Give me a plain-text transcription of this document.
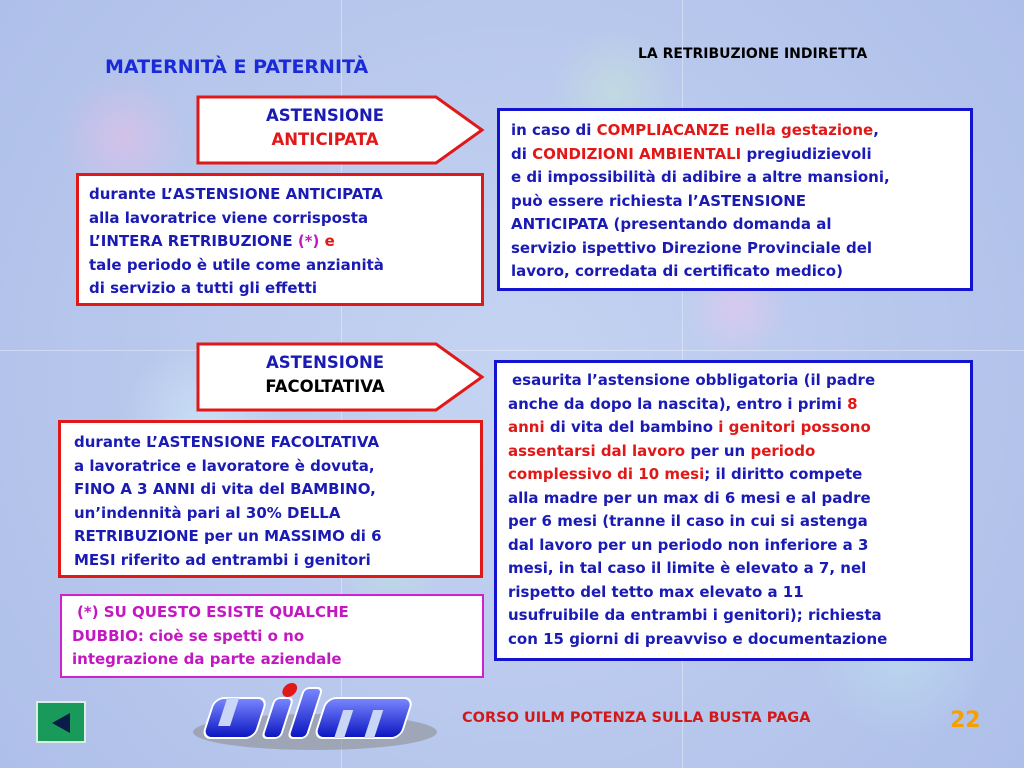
LA RETRIBUZIONE INDIRETTA
MATERNITÀ E PATERNITÀ
ASTENSIONE
ANTICIPATA
durante L’ASTENSIONE ANTICIPATA
alla lavoratrice viene corrisposta
L’INTERA RETRIBUZIONE (*) e
tale periodo è utile come anzianità
di servizio a tutti gli effetti
in caso di COMPLIACANZE nella gestazione,
di CONDIZIONI AMBIENTALI pregiudizievoli
e di impossibilità di adibire a altre mansioni,
può essere richiesta l’ASTENSIONE
ANTICIPATA (presentando domanda al
servizio ispettivo Direzione Provinciale del
lavoro, corredata di certificato medico)
ASTENSIONE
FACOLTATIVA
durante L’ASTENSIONE FACOLTATIVA
a lavoratrice e lavoratore è dovuta,
FINO A 3 ANNI di vita del BAMBINO,
un’indennità pari al 30% DELLA
RETRIBUZIONE per un MASSIMO di 6
MESI riferito ad entrambi i genitori
esaurita l’astensione obbligatoria (il padre
anche da dopo la nascita), entro i primi 8
anni di vita del bambino i genitori possono
assentarsi dal lavoro per un periodo
complessivo di 10 mesi; il diritto compete
alla madre per un max di 6 mesi e al padre
per 6 mesi (tranne il caso in cui si astenga
dal lavoro per un periodo non inferiore a 3
mesi, in tal caso il limite è elevato a 7, nel
rispetto del tetto max elevato a 11
usufruibile da entrambi i genitori); richiesta
con 15 giorni di preavviso e documentazione
(*) SU QUESTO ESISTE QUALCHE
DUBBIO: cioè se spetti o no
integrazione da parte aziendale
CORSO UILM POTENZA SULLA BUSTA PAGA	22
